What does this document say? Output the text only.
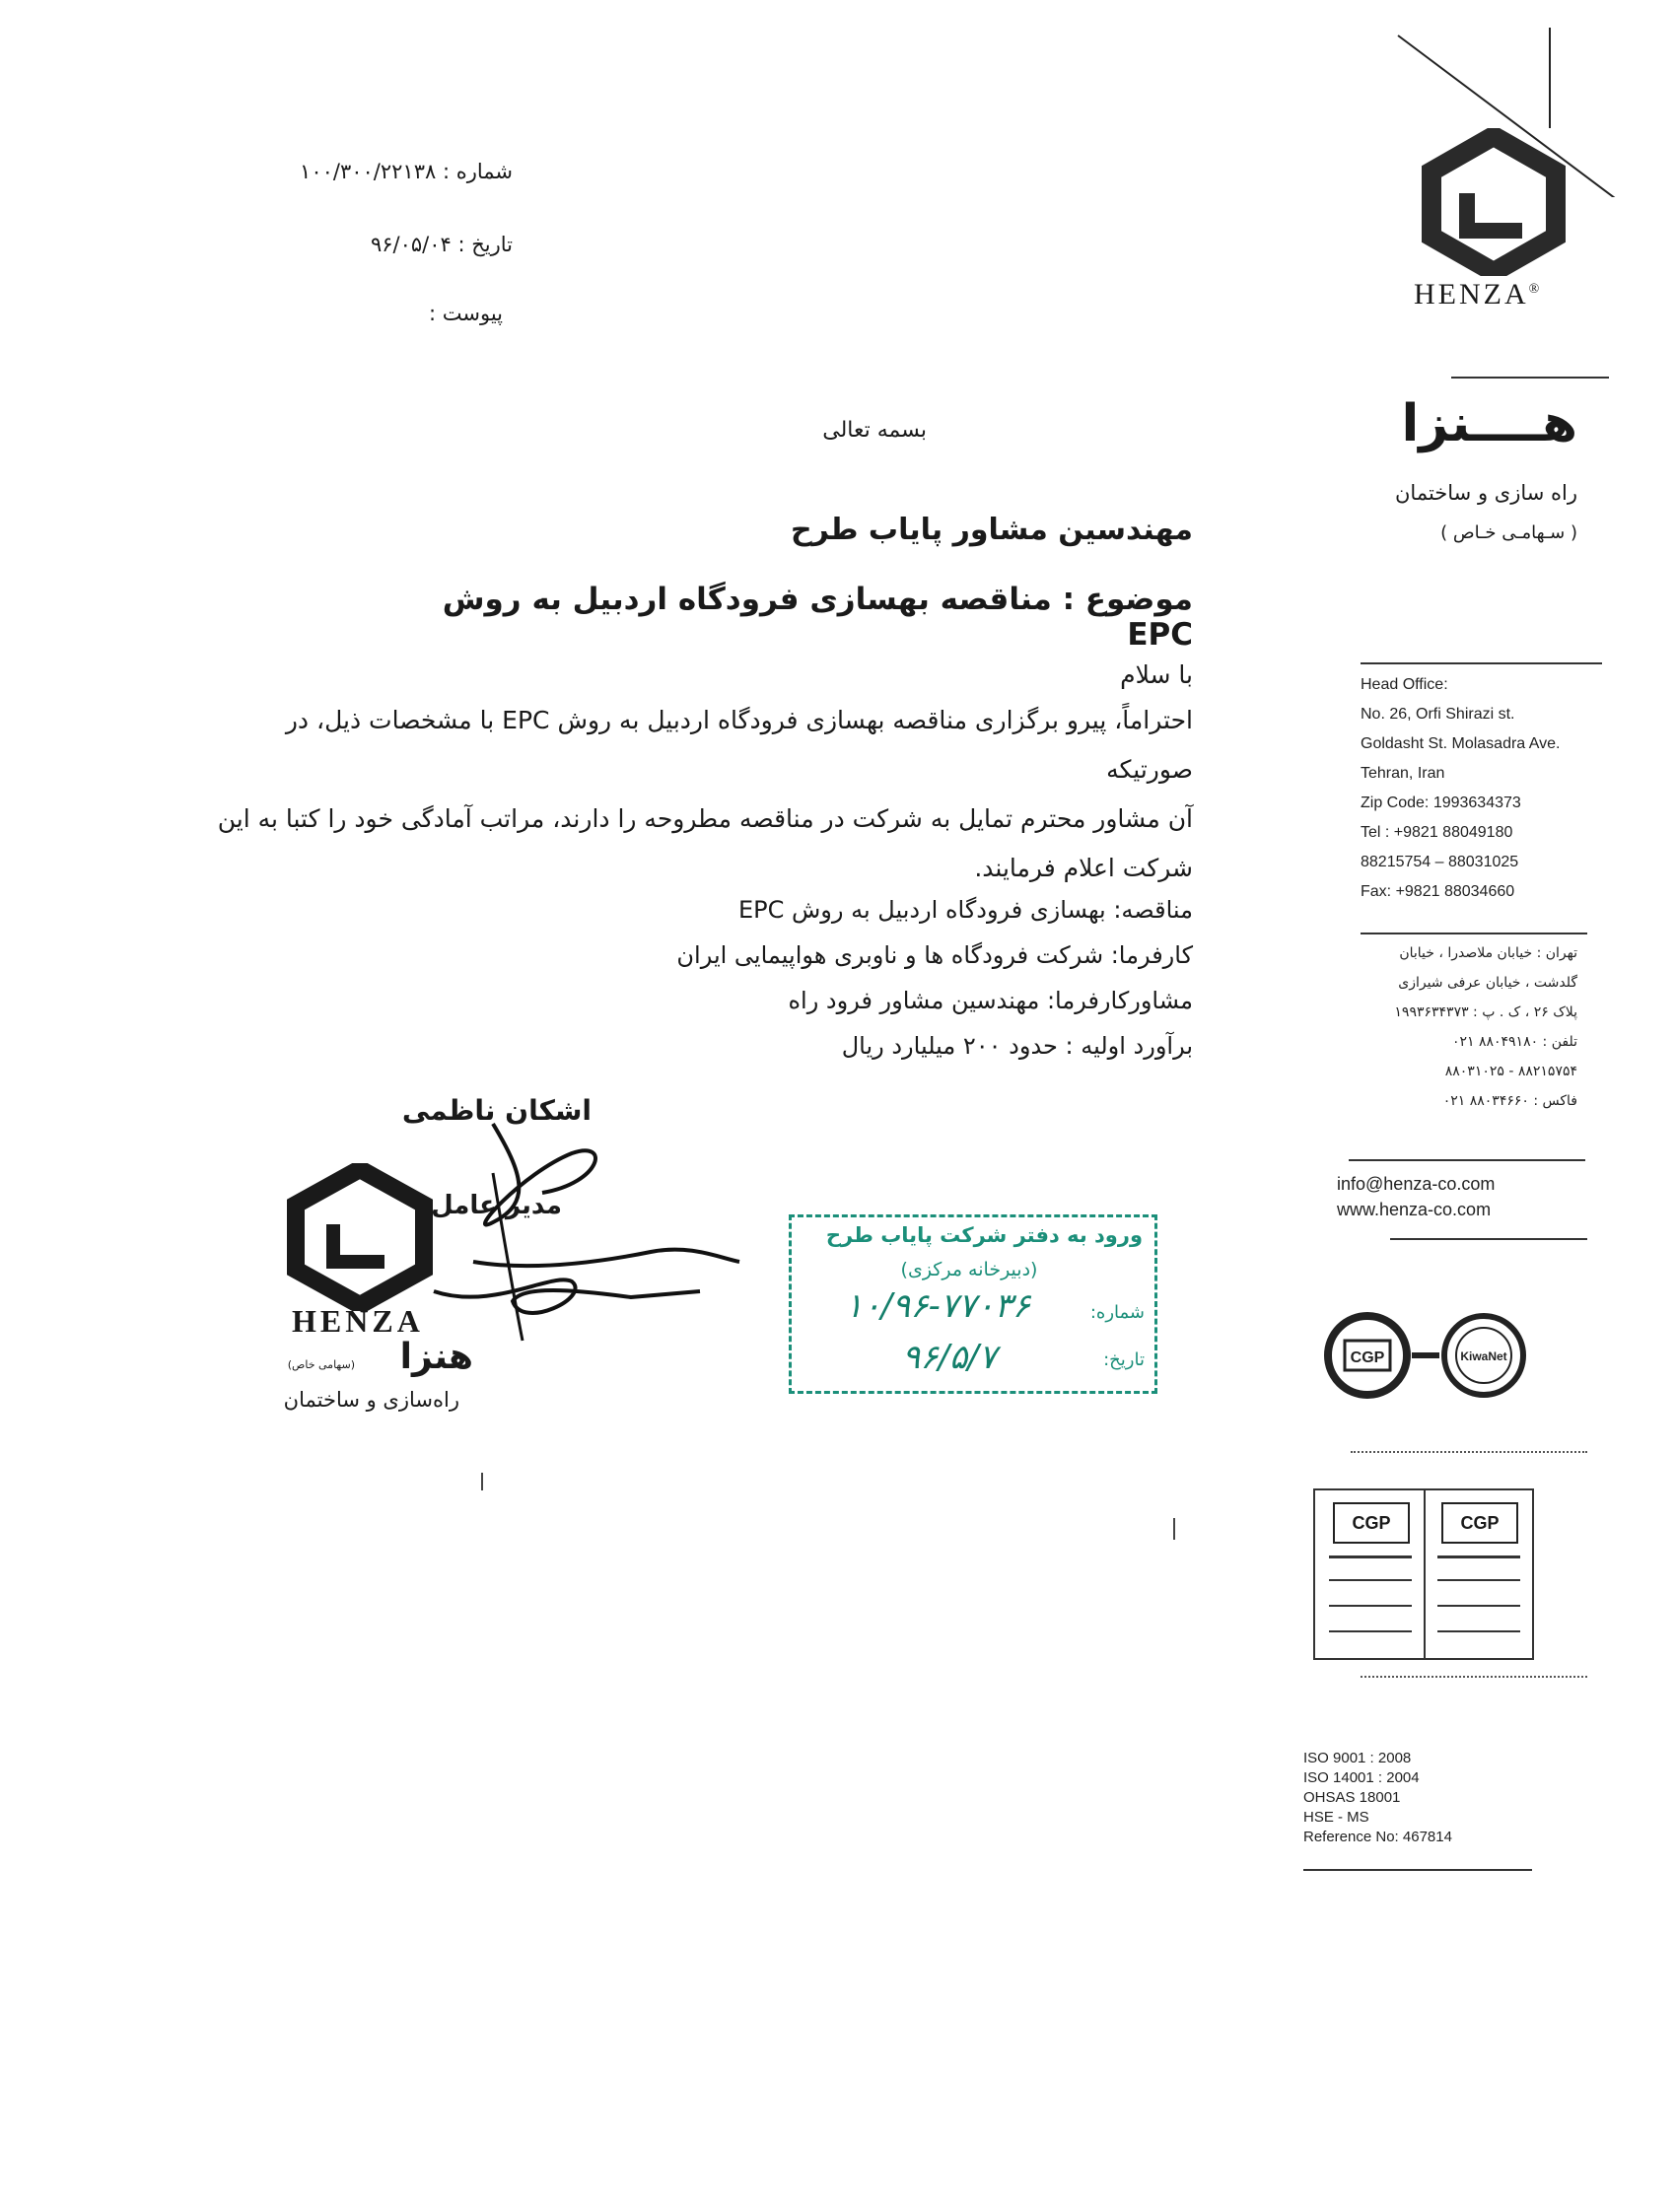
شماره : ۱۰۰/۳۰۰/۲۲۱۳۸
تاریخ : ۹۶/۰۵/۰۴
پیوست :
بسمه تعالی
مهندسین مشاور پایاب طرح
موضوع : مناقصه بهسازی فرودگاه اردبیل به روش EPC
با سلام
احتراماً، پیرو برگزاری مناقصه بهسازی فرودگاه اردبیل به روش EPC با مشخصات ذیل، در صورتیکه
آن مشاور محترم تمایل به شرکت در مناقصه مطروحه را دارند، مراتب آمادگی خود را کتبا به این
شرکت اعلام فرمایند.
مناقصه: بهسازی فرودگاه اردبیل به روش EPC
کارفرما: شرکت فرودگاه ها و ناوبری هواپیمایی ایران
مشاورکارفرما: مهندسین مشاور فرود راه
برآورد اولیه : حدود ۲۰۰ میلیارد ریال
اشکان ناظمی
مدیر عامل
HENZA
هنزا
(سهامی خاص)
راه‌سازی و ساختمان
ورود به دفتر شرکت پایاب طرح
(دبیرخانه مرکزی)
شماره:
۱۰/۹۶-۷۷۰۳۶
تاریخ:
۹۶/۵/۷
HENZA®
هــــنزا
راه سازی و ساختمان
( سـهامـی خـاص )
Head Office:
No. 26, Orfi Shirazi st.
Goldasht St. Molasadra Ave.
Tehran, Iran
Zip Code: 1993634373
Tel : +9821 88049180
88215754 – 88031025
Fax: +9821 88034660
تهران : خیابان ملاصدرا ، خیابان
گلدشت ، خیابان عرفی شیرازی
پلاک ۲۶ ، ک . پ : ۱۹۹۳۶۳۴۳۷۳
تلفن : ۸۸۰۴۹۱۸۰ ۰۲۱
۸۸۲۱۵۷۵۴ - ۸۸۰۳۱۰۲۵
فاکس : ۸۸۰۳۴۶۶۰ ۰۲۱
info@henza-co.com
www.henza-co.com
CGP	KiwaNet
CGP	CGP
ISO 9001 : 2008
ISO 14001 : 2004
OHSAS 18001
HSE - MS
Reference No: 467814
